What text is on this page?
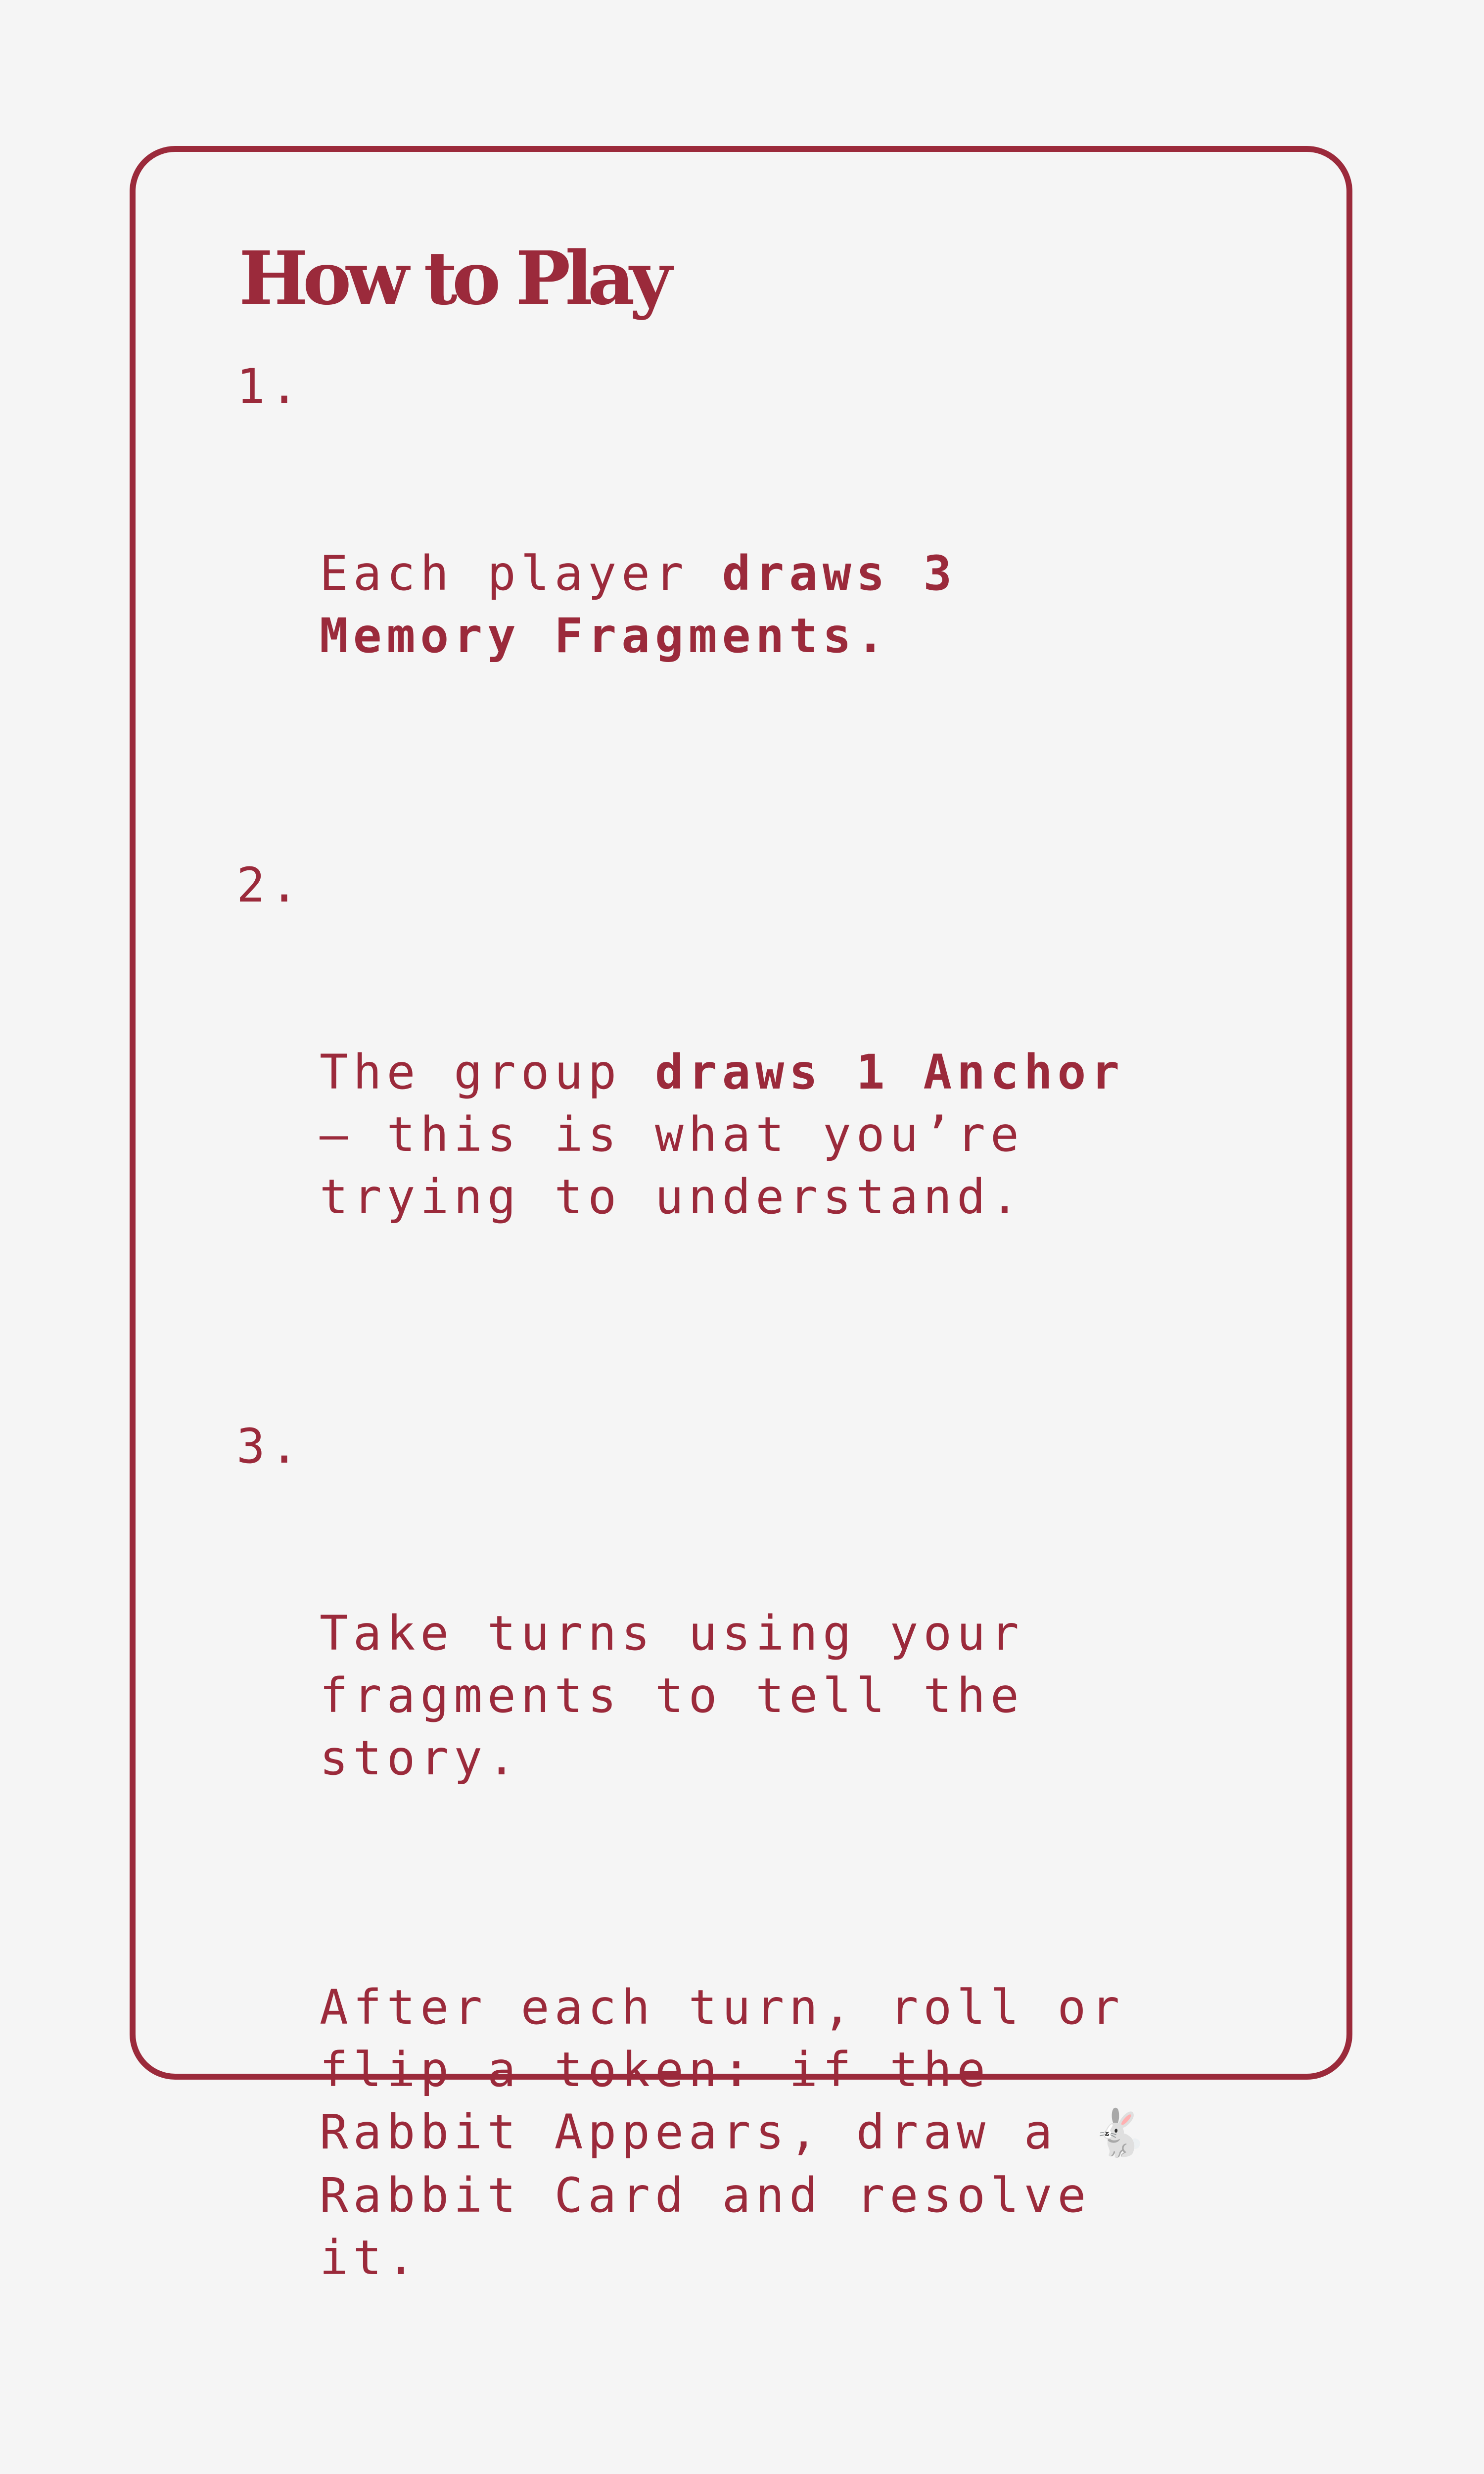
How to Play

1.

Each player draws 3
Memory Fragments.

2.

The group draws 1 Anchor
– this is what you’re
trying to understand.

3.

Take turns using your
fragments to tell the
story.

After each turn, roll or
flip a token: if the
Rabbit Appears, draw a 🐇
Rabbit Card and resolve
it.
